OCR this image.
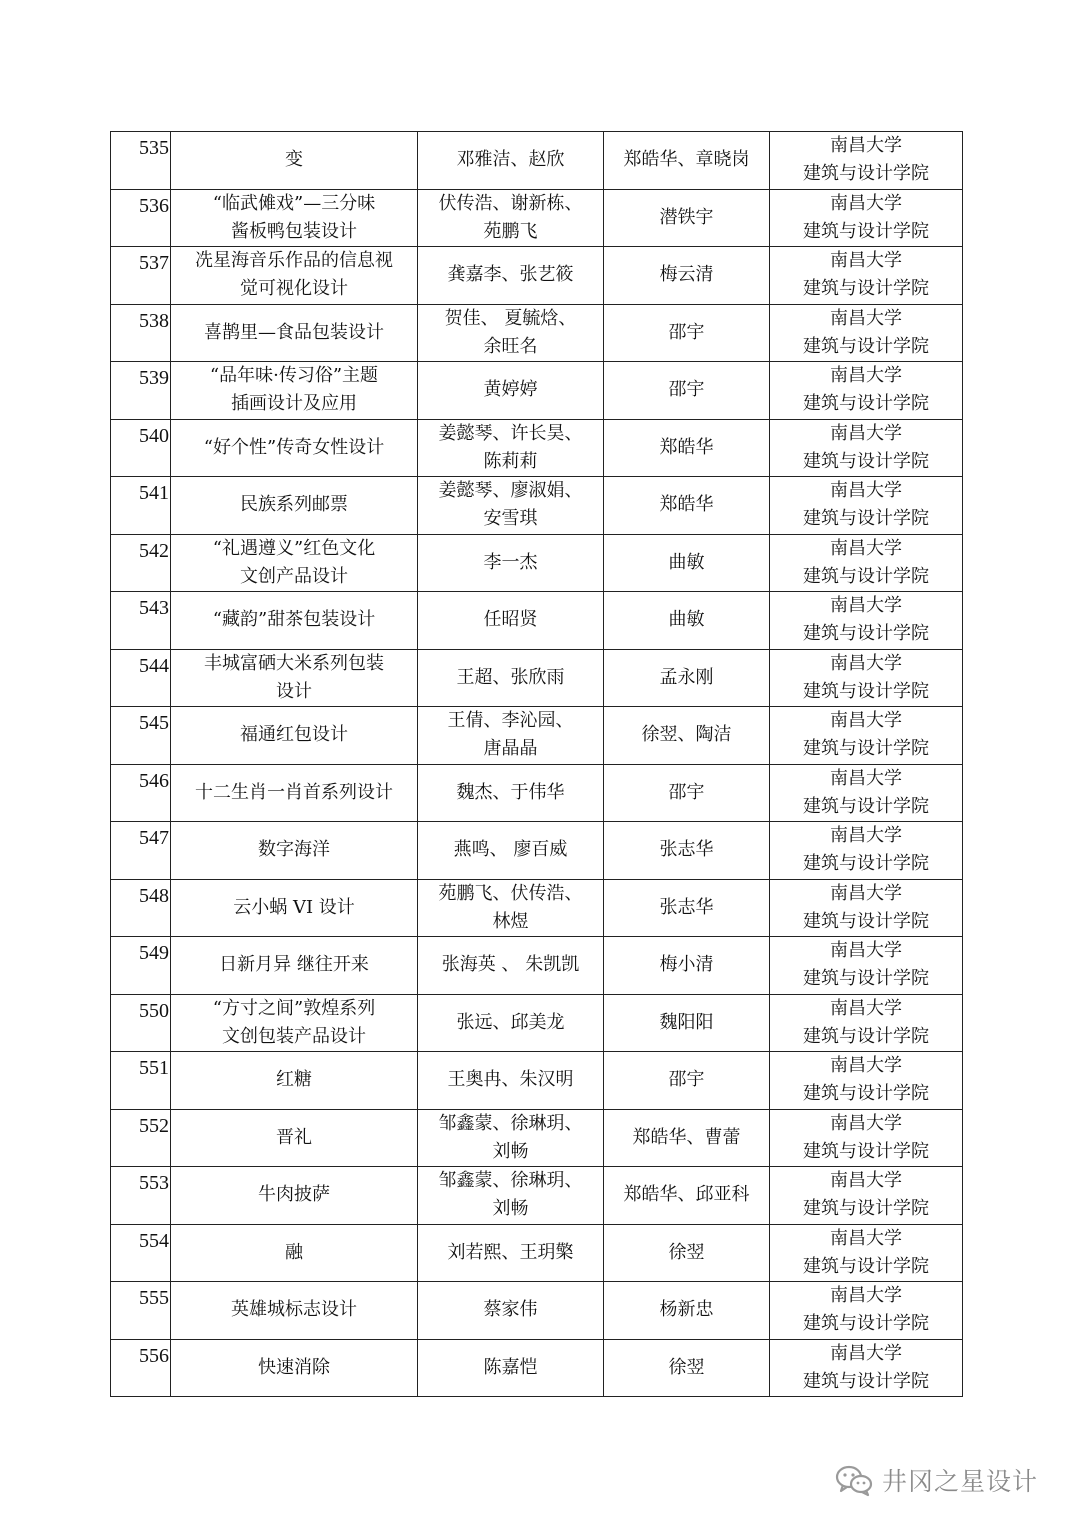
535	变	邓雅洁、赵欣	郑皓华、章晓岗	南昌大学
建筑与设计学院

536	“临武傩戏”—三分味
酱板鸭包装设计	伏传浩、谢新栋、
苑鹏飞	潜铁宇	南昌大学
建筑与设计学院

537	冼星海音乐作品的信息视
觉可视化设计	龚嘉李、张艺筱	梅云清	南昌大学
建筑与设计学院

538	喜鹊里—食品包装设计	贺佳、 夏毓焓、
余旺名	邵宇	南昌大学
建筑与设计学院

539	“品年味·传习俗”主题
插画设计及应用	黄婷婷	邵宇	南昌大学
建筑与设计学院

540	“好个性”传奇女性设计	姜懿琴、许长昊、
陈莉莉	郑皓华	南昌大学
建筑与设计学院

541	民族系列邮票	姜懿琴、廖淑娟、
安雪琪	郑皓华	南昌大学
建筑与设计学院

542	“礼遇遵义”红色文化
文创产品设计	李一杰	曲敏	南昌大学
建筑与设计学院

543	“藏韵”甜茶包装设计	任昭贤	曲敏	南昌大学
建筑与设计学院

544	丰城富硒大米系列包装
设计	王超、张欣雨	孟永刚	南昌大学
建筑与设计学院

545	福通红包设计	王倩、李沁园、
唐晶晶	徐翌、陶洁	南昌大学
建筑与设计学院

546	十二生肖一肖首系列设计	魏杰、于伟华	邵宇	南昌大学
建筑与设计学院

547	数字海洋	燕鸣、 廖百威	张志华	南昌大学
建筑与设计学院

548	云小蜗 VI 设计	苑鹏飞、伏传浩、
林煜	张志华	南昌大学
建筑与设计学院

549	日新月异 继往开来	张海英 、 朱凯凯	梅小清	南昌大学
建筑与设计学院

550	“方寸之间”敦煌系列
文创包装产品设计	张远、邱美龙	魏阳阳	南昌大学
建筑与设计学院

551	红糖	王奥冉、朱汉明	邵宇	南昌大学
建筑与设计学院

552	晋礼	邹鑫蒙、徐琳玥、
刘畅	郑皓华、曹蕾	南昌大学
建筑与设计学院

553	牛肉披萨	邹鑫蒙、徐琳玥、
刘畅	郑皓华、邱亚科	南昌大学
建筑与设计学院

554	融	刘若熙、王玥檠	徐翌	南昌大学
建筑与设计学院

555	英雄城标志设计	蔡家伟	杨新忠	南昌大学
建筑与设计学院

556	快速消除	陈嘉恺	徐翌	南昌大学
建筑与设计学院
井冈之星设计
